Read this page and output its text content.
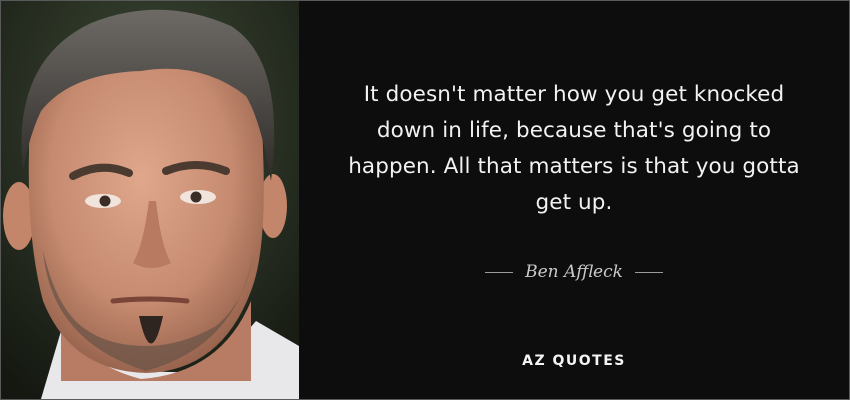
It doesn't matter how you get knocked down in life, because that's going to happen. All that matters is that you gotta get up.

Ben Affleck
AZ QUOTES
